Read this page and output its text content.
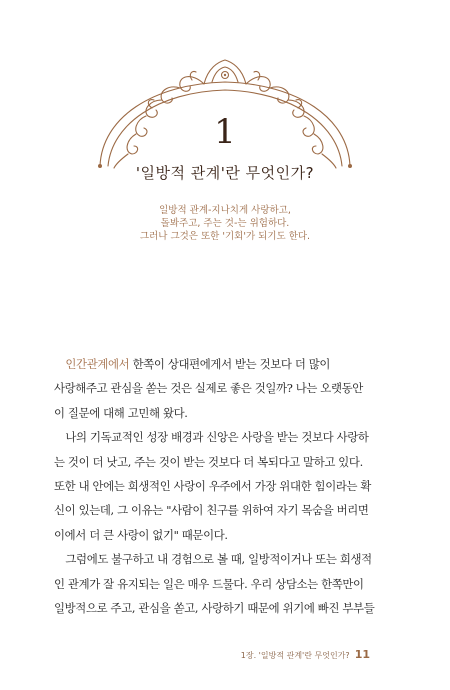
1
'일방적 관계'란 무엇인가?
일방적 관계-지나치게 사랑하고,
돌봐주고, 주는 것-는 위험하다.
그러나 그것은 또한 '기회'가 되기도 한다.

인간관계에서 한쪽이 상대편에게서 받는 것보다 더 많이
사랑해주고 관심을 쏟는 것은 실제로 좋은 것일까? 나는 오랫동안
이 질문에 대해 고민해 왔다.

나의 기독교적인 성장 배경과 신앙은 사랑을 받는 것보다 사랑하
는 것이 더 낫고, 주는 것이 받는 것보다 더 복되다고 말하고 있다.
또한 내 안에는 희생적인 사랑이 우주에서 가장 위대한 힘이라는 확
신이 있는데, 그 이유는 "사람이 친구를 위하여 자기 목숨을 버리면
이에서 더 큰 사랑이 없기" 때문이다.

그럼에도 불구하고 내 경험으로 볼 때, 일방적이거나 또는 희생적
인 관계가 잘 유지되는 일은 매우 드물다. 우리 상담소는 한쪽만이
일방적으로 주고, 관심을 쏟고, 사랑하기 때문에 위기에 빠진 부부들

1장. '일방적 관계'란 무엇인가? 11
